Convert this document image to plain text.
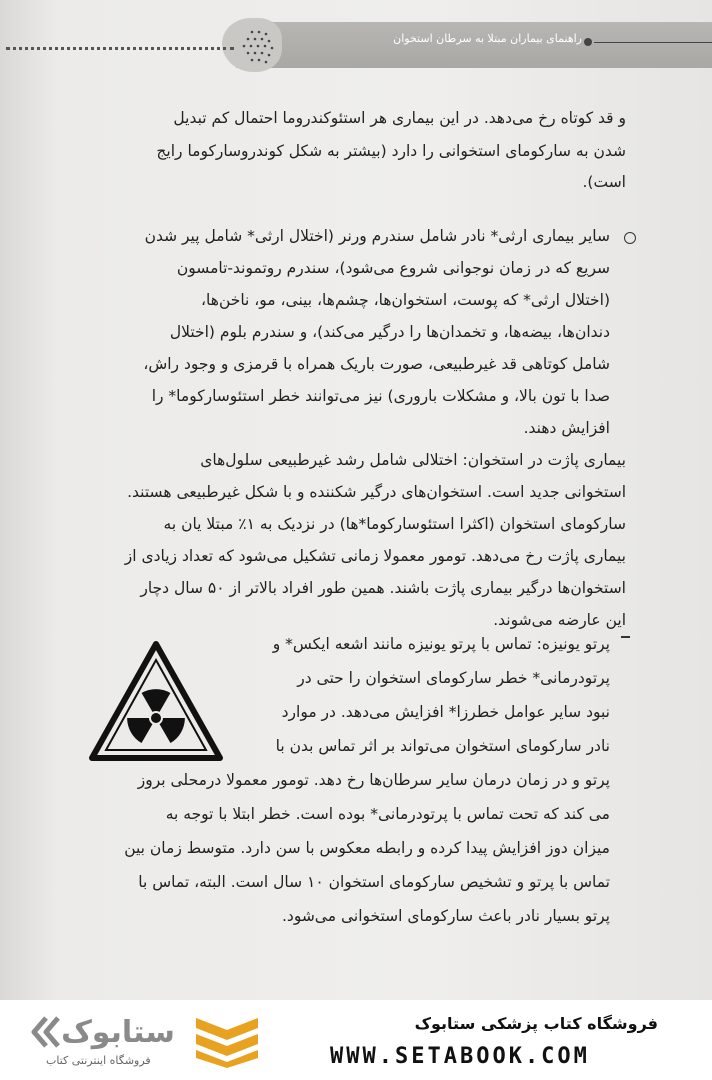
راهنمای بیماران مبتلا به سرطان استخوان
و قد کوتاه رخ می‌دهد. در این بیماری هر استئوکندروما احتمال کم تبدیل
شدن به سارکومای استخوانی را دارد (بیشتر به شکل کوندروسارکوما رایج
است).
سایر بیماری ارثی* نادر شامل سندرم ورنر (اختلال ارثی* شامل پیر شدن
سریع که در زمان نوجوانی شروع می‌شود)، سندرم روتموند-تامسون
(اختلال ارثی* که پوست، استخوان‌ها، چشم‌ها، بینی، مو، ناخن‌ها،
دندان‌ها، بیضه‌ها، و تخمدان‌ها را درگیر می‌کند)، و سندرم بلوم (اختلال
شامل کوتاهی قد غیرطبیعی، صورت باریک همراه با قرمزی و وجود راش،
صدا با تون بالا، و مشکلات باروری) نیز می‌توانند خطر استئوسارکوما* را
افزایش دهند.
بیماری پاژت در استخوان: اختلالی شامل رشد غیرطبیعی سلول‌های
استخوانی جدید است. استخوان‌های درگیر شکننده و با شکل غیرطبیعی هستند.
سارکومای استخوان (اکثرا استئوسارکوما*ها) در نزدیک به ۱٪ مبتلا یان به
بیماری پاژت رخ می‌دهد. تومور معمولا زمانی تشکیل می‌شود که تعداد زیادی از
استخوان‌ها درگیر بیماری پاژت باشند. همین طور افراد بالاتر از ۵۰ سال دچار
این عارضه می‌شوند.
پرتو یونیزه: تماس با پرتو یونیزه مانند اشعه ایکس* و
پرتودرمانی* خطر سارکومای استخوان را حتی در
نبود سایر عوامل خطرزا* افزایش می‌دهد. در موارد
نادر سارکومای استخوان می‌تواند بر اثر تماس بدن با
پرتو و در زمان درمان سایر سرطان‌ها رخ دهد. تومور معمولا درمحلی بروز
می کند که تحت تماس با پرتودرمانی* بوده است. خطر ابتلا با توجه به
میزان دوز افزایش پیدا کرده و رابطه معکوس با سن دارد. متوسط زمان بین
تماس با پرتو و تشخیص سارکومای استخوان ۱۰ سال است. البته، تماس با
پرتو بسیار نادر باعث سارکومای استخوانی می‌شود.
ستابوک
فروشگاه اینترنتی کتاب
فروشگاه کتاب پزشکی ستابوک
WWW.SETABOOK.COM
